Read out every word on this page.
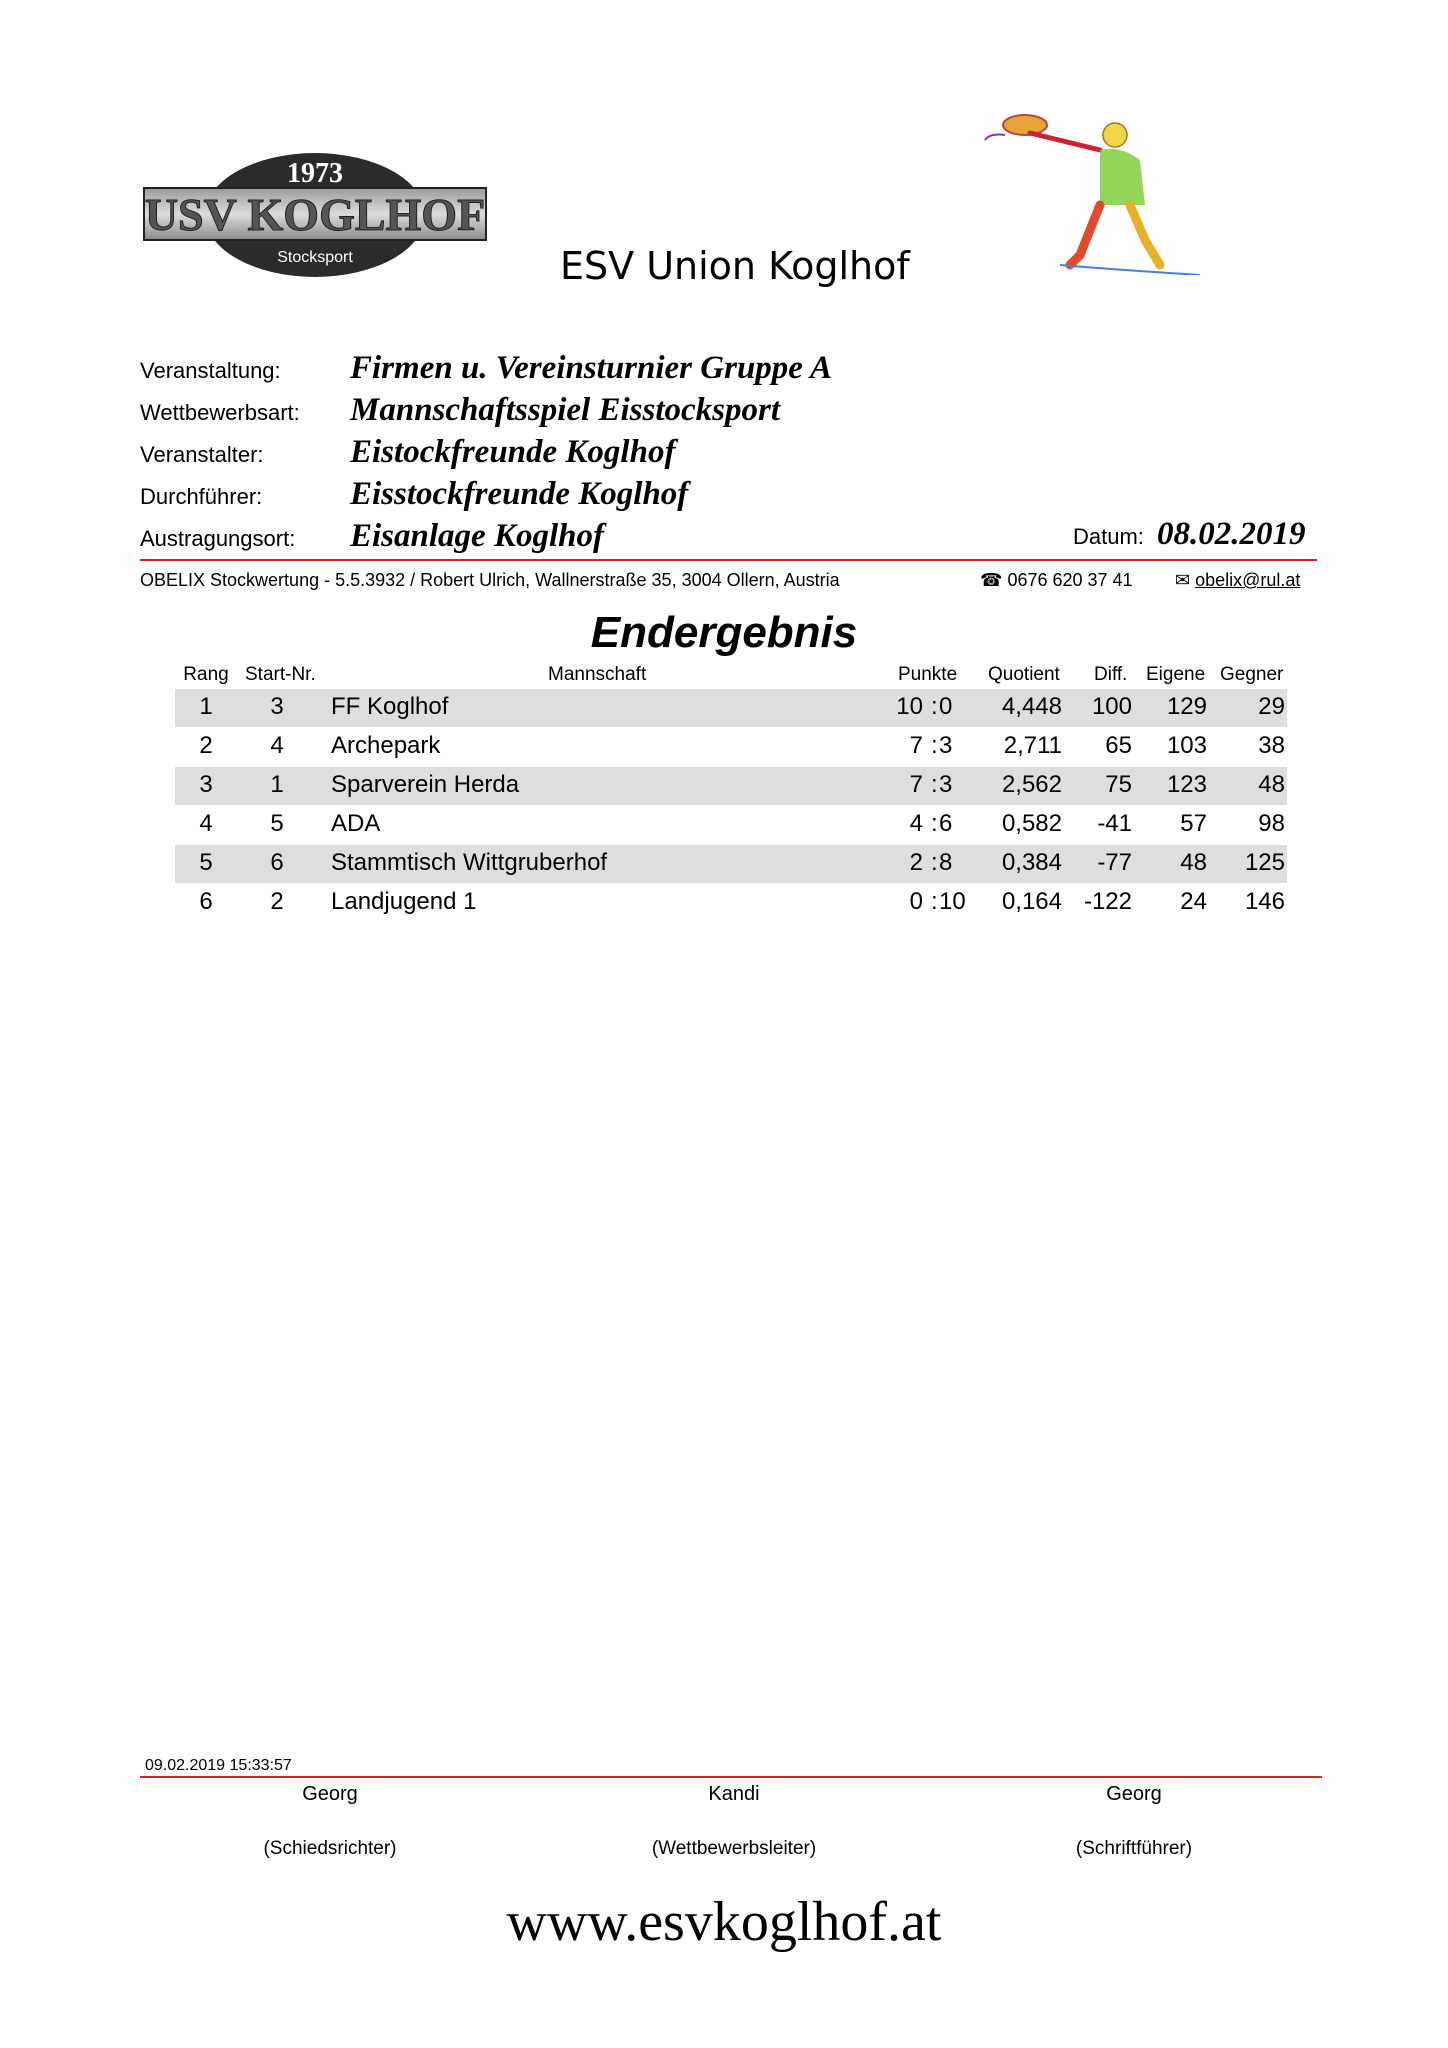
1973
USV KOGLHOF
Stocksport	ESV Union Koglhof
Veranstaltung: Firmen u. Vereinsturnier Gruppe A
Wettbewerbsart: Mannschaftsspiel Eisstocksport
Veranstalter:	Eistockfreunde Koglhof
Durchführer:	Eisstockfreunde Koglhof
Austragungsort: Eisanlage Koglhof	Datum: 08.02.2019
OBELIX Stockwertung - 5.5.3932 / Robert Ulrich, Wallnerstraße 35, 3004 Ollern, Austria	☎ 0676 620 37 41 ✉ obelix@rul.at
Endergebnis
Rang Start-Nr.	Mannschaft	Punkte Quotient Diff. Eigene Gegner
1	3	FF Koglhof	10 : 0 4,448 100 129 29
2	4	Archepark	7 : 3 2,711 65 103 38
3	1	Sparverein Herda	7 : 3 2,562 75 123 48
4	5	ADA	4 : 6 0,582 -41 57 98
5	6	Stammtisch Wittgruberhof	2 : 8 0,384 -77 48 125
6	2	Landjugend 1	0 : 10 0,164 -122 24 146
09.02.2019 15:33:57
Georg
(Schiedsrichter)
Kandi
(Wettbewerbsleiter)
Georg
(Schriftführer)
www.esvkoglhof.at
